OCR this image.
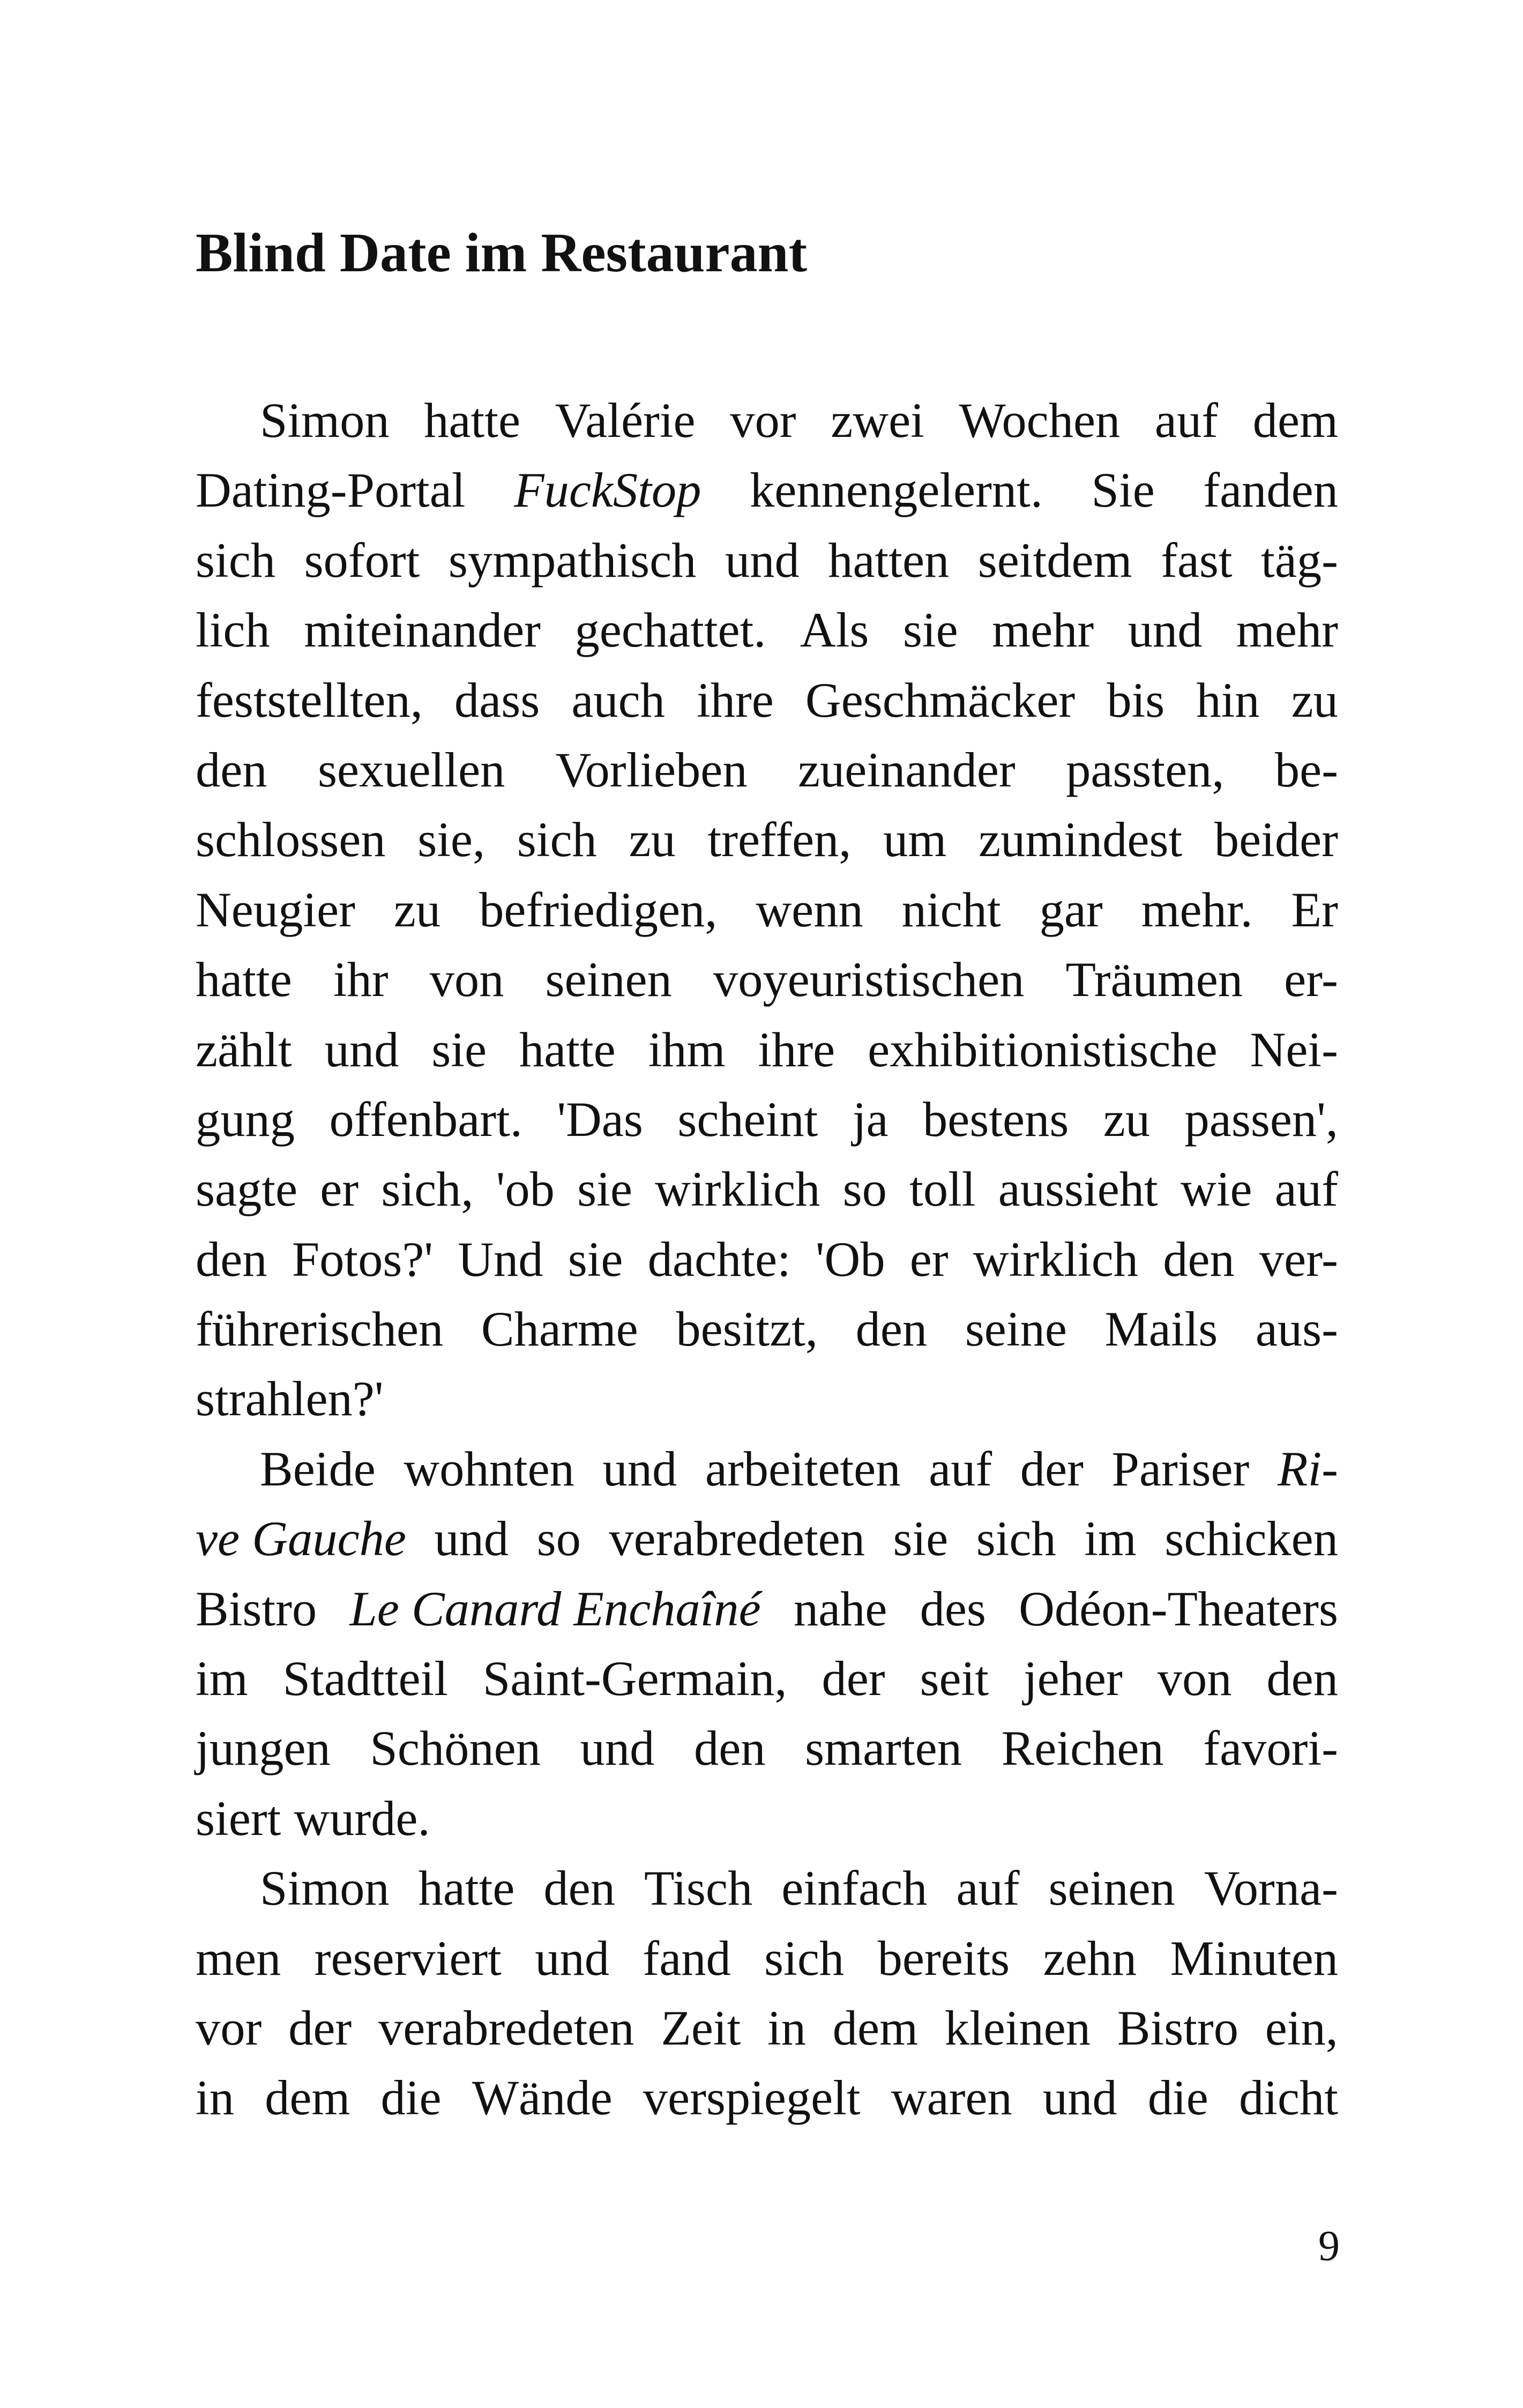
Blind Date im Restaurant
Simon hatte Valérie vor zwei Wochen auf dem
Dating-Portal FuckStop kennengelernt. Sie fanden
sich sofort sympathisch und hatten seitdem fast täg-
lich miteinander gechattet. Als sie mehr und mehr
feststellten, dass auch ihre Geschmäcker bis hin zu
den sexuellen Vorlieben zueinander passten, be-
schlossen sie, sich zu treffen, um zumindest beider
Neugier zu befriedigen, wenn nicht gar mehr. Er
hatte ihr von seinen voyeuristischen Träumen er-
zählt und sie hatte ihm ihre exhibitionistische Nei-
gung offenbart. 'Das scheint ja bestens zu passen',
sagte er sich, 'ob sie wirklich so toll aussieht wie auf
den Fotos?' Und sie dachte: 'Ob er wirklich den ver-
führerischen Charme besitzt, den seine Mails aus-
strahlen?'
Beide wohnten und arbeiteten auf der Pariser Ri-
ve Gauche und so verabredeten sie sich im schicken
Bistro Le Canard Enchaîné nahe des Odéon-Theaters
im Stadtteil Saint-Germain, der seit jeher von den
jungen Schönen und den smarten Reichen favori-
siert wurde.
Simon hatte den Tisch einfach auf seinen Vorna-
men reserviert und fand sich bereits zehn Minuten
vor der verabredeten Zeit in dem kleinen Bistro ein,
in dem die Wände verspiegelt waren und die dicht
9
